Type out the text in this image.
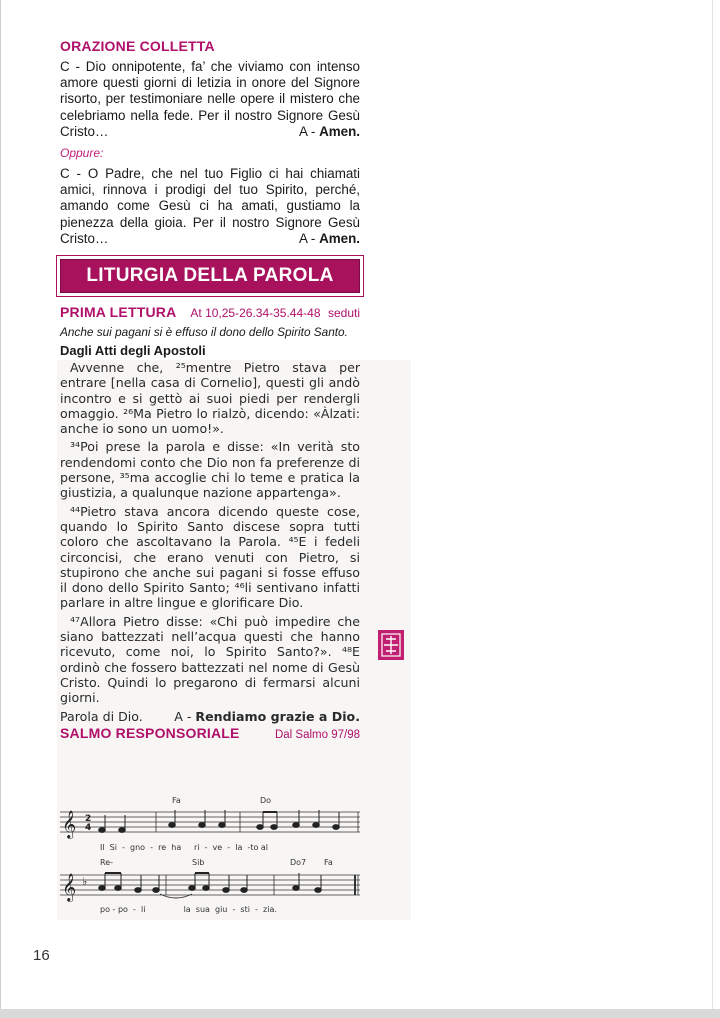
ORAZIONE COLLETTA
C - Dio onnipotente, fa’ che viviamo con intenso amore questi giorni di letizia in onore del Signore risorto, per testimoniare nelle opere il mistero che celebriamo nella fede. Per il nostro Signore Gesù Cristo…	A - Amen.
Oppure:
C - O Padre, che nel tuo Figlio ci hai chiamati amici, rinnova i prodigi del tuo Spirito, perché, amando come Gesù ci ha amati, gustiamo la pienezza della gioia. Per il nostro Signore Gesù Cristo…	A - Amen.
LITURGIA DELLA PAROLA
PRIMA LETTURA At 10,25-26.34-35.44-48 seduti
Anche sui pagani si è effuso il dono dello Spirito Santo.
Dagli Atti degli Apostoli

Avvenne che, ²⁵mentre Pietro stava per entrare [nella casa di Cornelio], questi gli andò incontro e si gettò ai suoi piedi per rendergli omaggio. ²⁶Ma Pietro lo rialzò, dicendo: «Àlzati: anche io sono un uomo!».

³⁴Poi prese la parola e disse: «In verità sto rendendomi conto che Dio non fa preferenze di persone, ³⁵ma accoglie chi lo teme e pratica la giustizia, a qualunque nazione appartenga».

⁴⁴Pietro stava ancora dicendo queste cose, quando lo Spirito Santo discese sopra tutti coloro che ascoltavano la Parola. ⁴⁵E i fedeli circoncisi, che erano venuti con Pietro, si stupirono che anche sui pagani si fosse effuso il dono dello Spirito Santo; ⁴⁶li sentivano infatti parlare in altre lingue e glorificare Dio.

⁴⁷Allora Pietro disse: «Chi può impedire che siano battezzati nell’acqua questi che hanno ricevuto, come noi, lo Spirito Santo?». ⁴⁸E ordinò che fossero battezzati nel nome di Gesù Cristo. Quindi lo pregarono di fermarsi alcuni giorni.

Parola di Dio. A - Rendiamo grazie a Dio.
SALMO RESPONSORIALE	Dal Salmo 97/98
𝄞 2
4
Fa	Do
Il  Si  -  gno  -  re  ha     ri  -  ve  -  la  -to al
𝄞 ♭
Re-	Sib	Do7 Fa
po - po  -  li               la  sua  giu  -  sti  -  zia.
16
